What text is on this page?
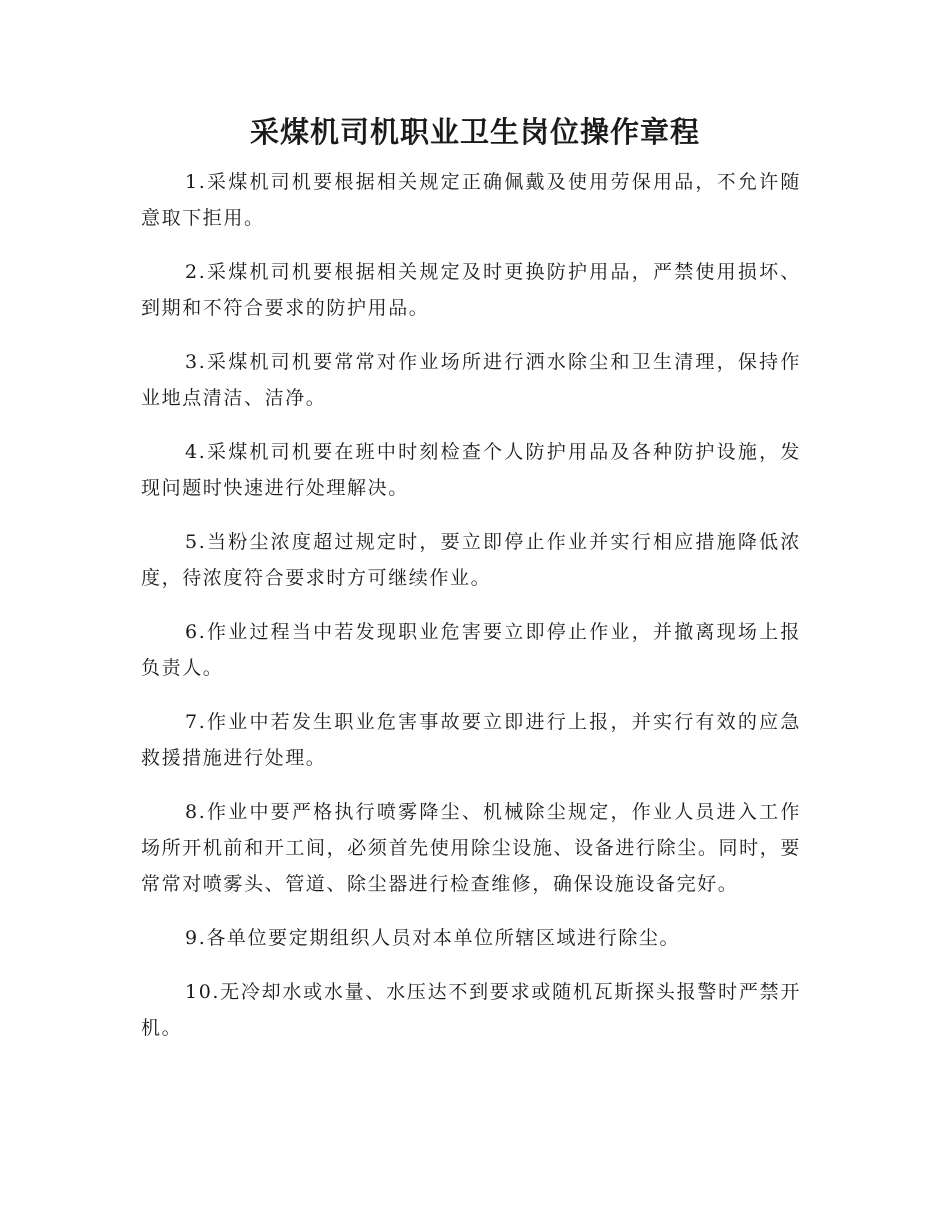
采煤机司机职业卫生岗位操作章程

1.采煤机司机要根据相关规定正确佩戴及使用劳保用品，不允许随意取下拒用。

2.采煤机司机要根据相关规定及时更换防护用品，严禁使用损坏、到期和不符合要求的防护用品。

3.采煤机司机要常常对作业场所进行洒水除尘和卫生清理，保持作业地点清洁、洁净。

4.采煤机司机要在班中时刻检查个人防护用品及各种防护设施，发现问题时快速进行处理解决。

5.当粉尘浓度超过规定时，要立即停止作业并实行相应措施降低浓度，待浓度符合要求时方可继续作业。

6.作业过程当中若发现职业危害要立即停止作业，并撤离现场上报负责人。

7.作业中若发生职业危害事故要立即进行上报，并实行有效的应急救援措施进行处理。

8.作业中要严格执行喷雾降尘、机械除尘规定，作业人员进入工作场所开机前和开工间，必须首先使用除尘设施、设备进行除尘。同时，要常常对喷雾头、管道、除尘器进行检查维修，确保设施设备完好。

9.各单位要定期组织人员对本单位所辖区域进行除尘。

10.无冷却水或水量、水压达不到要求或随机瓦斯探头报警时严禁开机。
